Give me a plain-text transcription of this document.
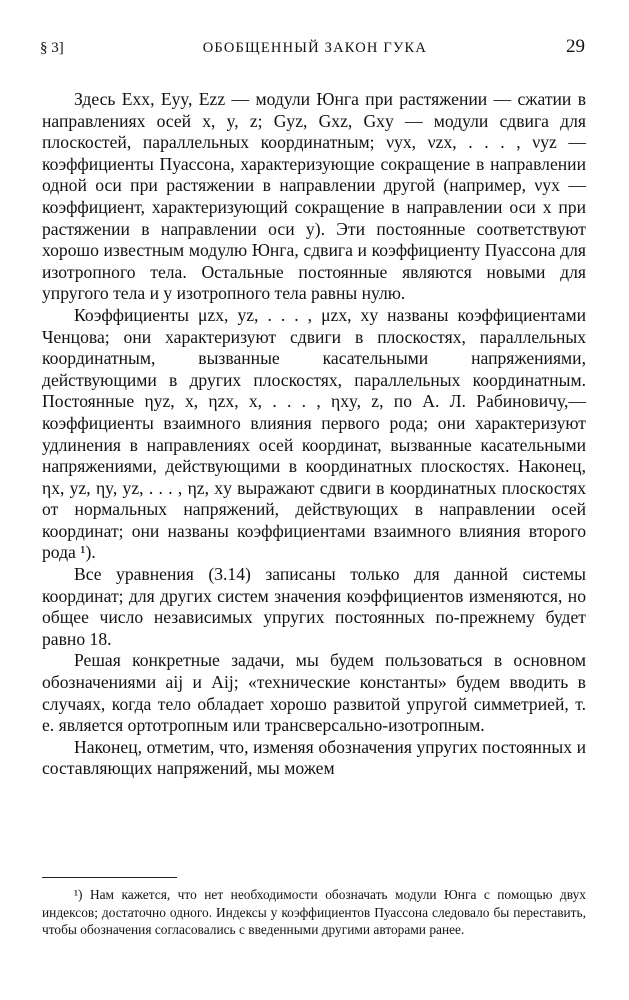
§ 3]	ОБОБЩЕННЫЙ ЗАКОН ГУКА	29

Здесь Exx, Eyy, Ezz — модули Юнга при растяжении — сжатии в направлениях осей x, y, z; Gyz, Gxz, Gxy — модули сдвига для плоскостей, параллельных координатным; νyx, νzx, . . . , νyz — коэффициенты Пуассона, характеризующие сокращение в направлении одной оси при растяжении в направлении другой (например, νyx — коэффициент, характеризующий сокращение в направлении оси x при растяжении в направлении оси y). Эти постоянные соответствуют хорошо известным модулю Юнга, сдвига и коэффициенту Пуассона для изотропного тела. Остальные постоянные являются новыми для упругого тела и у изотропного тела равны нулю.

Коэффициенты μzx, yz, . . . , μzx, xy названы коэффициентами Ченцова; они характеризуют сдвиги в плоскостях, параллельных координатным, вызванные касательными напряжениями, действующими в других плоскостях, параллельных координатным. Постоянные ηyz, x, ηzx, x, . . . , ηxy, z, по А. Л. Рабиновичу,— коэффициенты взаимного влияния первого рода; они характеризуют удлинения в направлениях осей координат, вызванные касательными напряжениями, действующими в координатных плоскостях. Наконец, ηx, yz, ηy, yz, . . . , ηz, xy выражают сдвиги в координатных плоскостях от нормальных напряжений, действующих в направлении осей координат; они названы коэффициентами взаимного влияния второго рода ¹).

Все уравнения (3.14) записаны только для данной системы координат; для других систем значения коэффициентов изменяются, но общее число независимых упругих постоянных по-прежнему будет равно 18.

Решая конкретные задачи, мы будем пользоваться в основном обозначениями aij и Aij; «технические константы» будем вводить в случаях, когда тело обладает хорошо развитой упругой симметрией, т. е. является ортотропным или трансверсально-изотропным.

Наконец, отметим, что, изменяя обозначения упругих постоянных и составляющих напряжений, мы можем

¹) Нам кажется, что нет необходимости обозначать модули Юнга с помощью двух индексов; достаточно одного. Индексы у коэффициентов Пуассона следовало бы переставить, чтобы обозначения согласовались с введенными другими авторами ранее.
